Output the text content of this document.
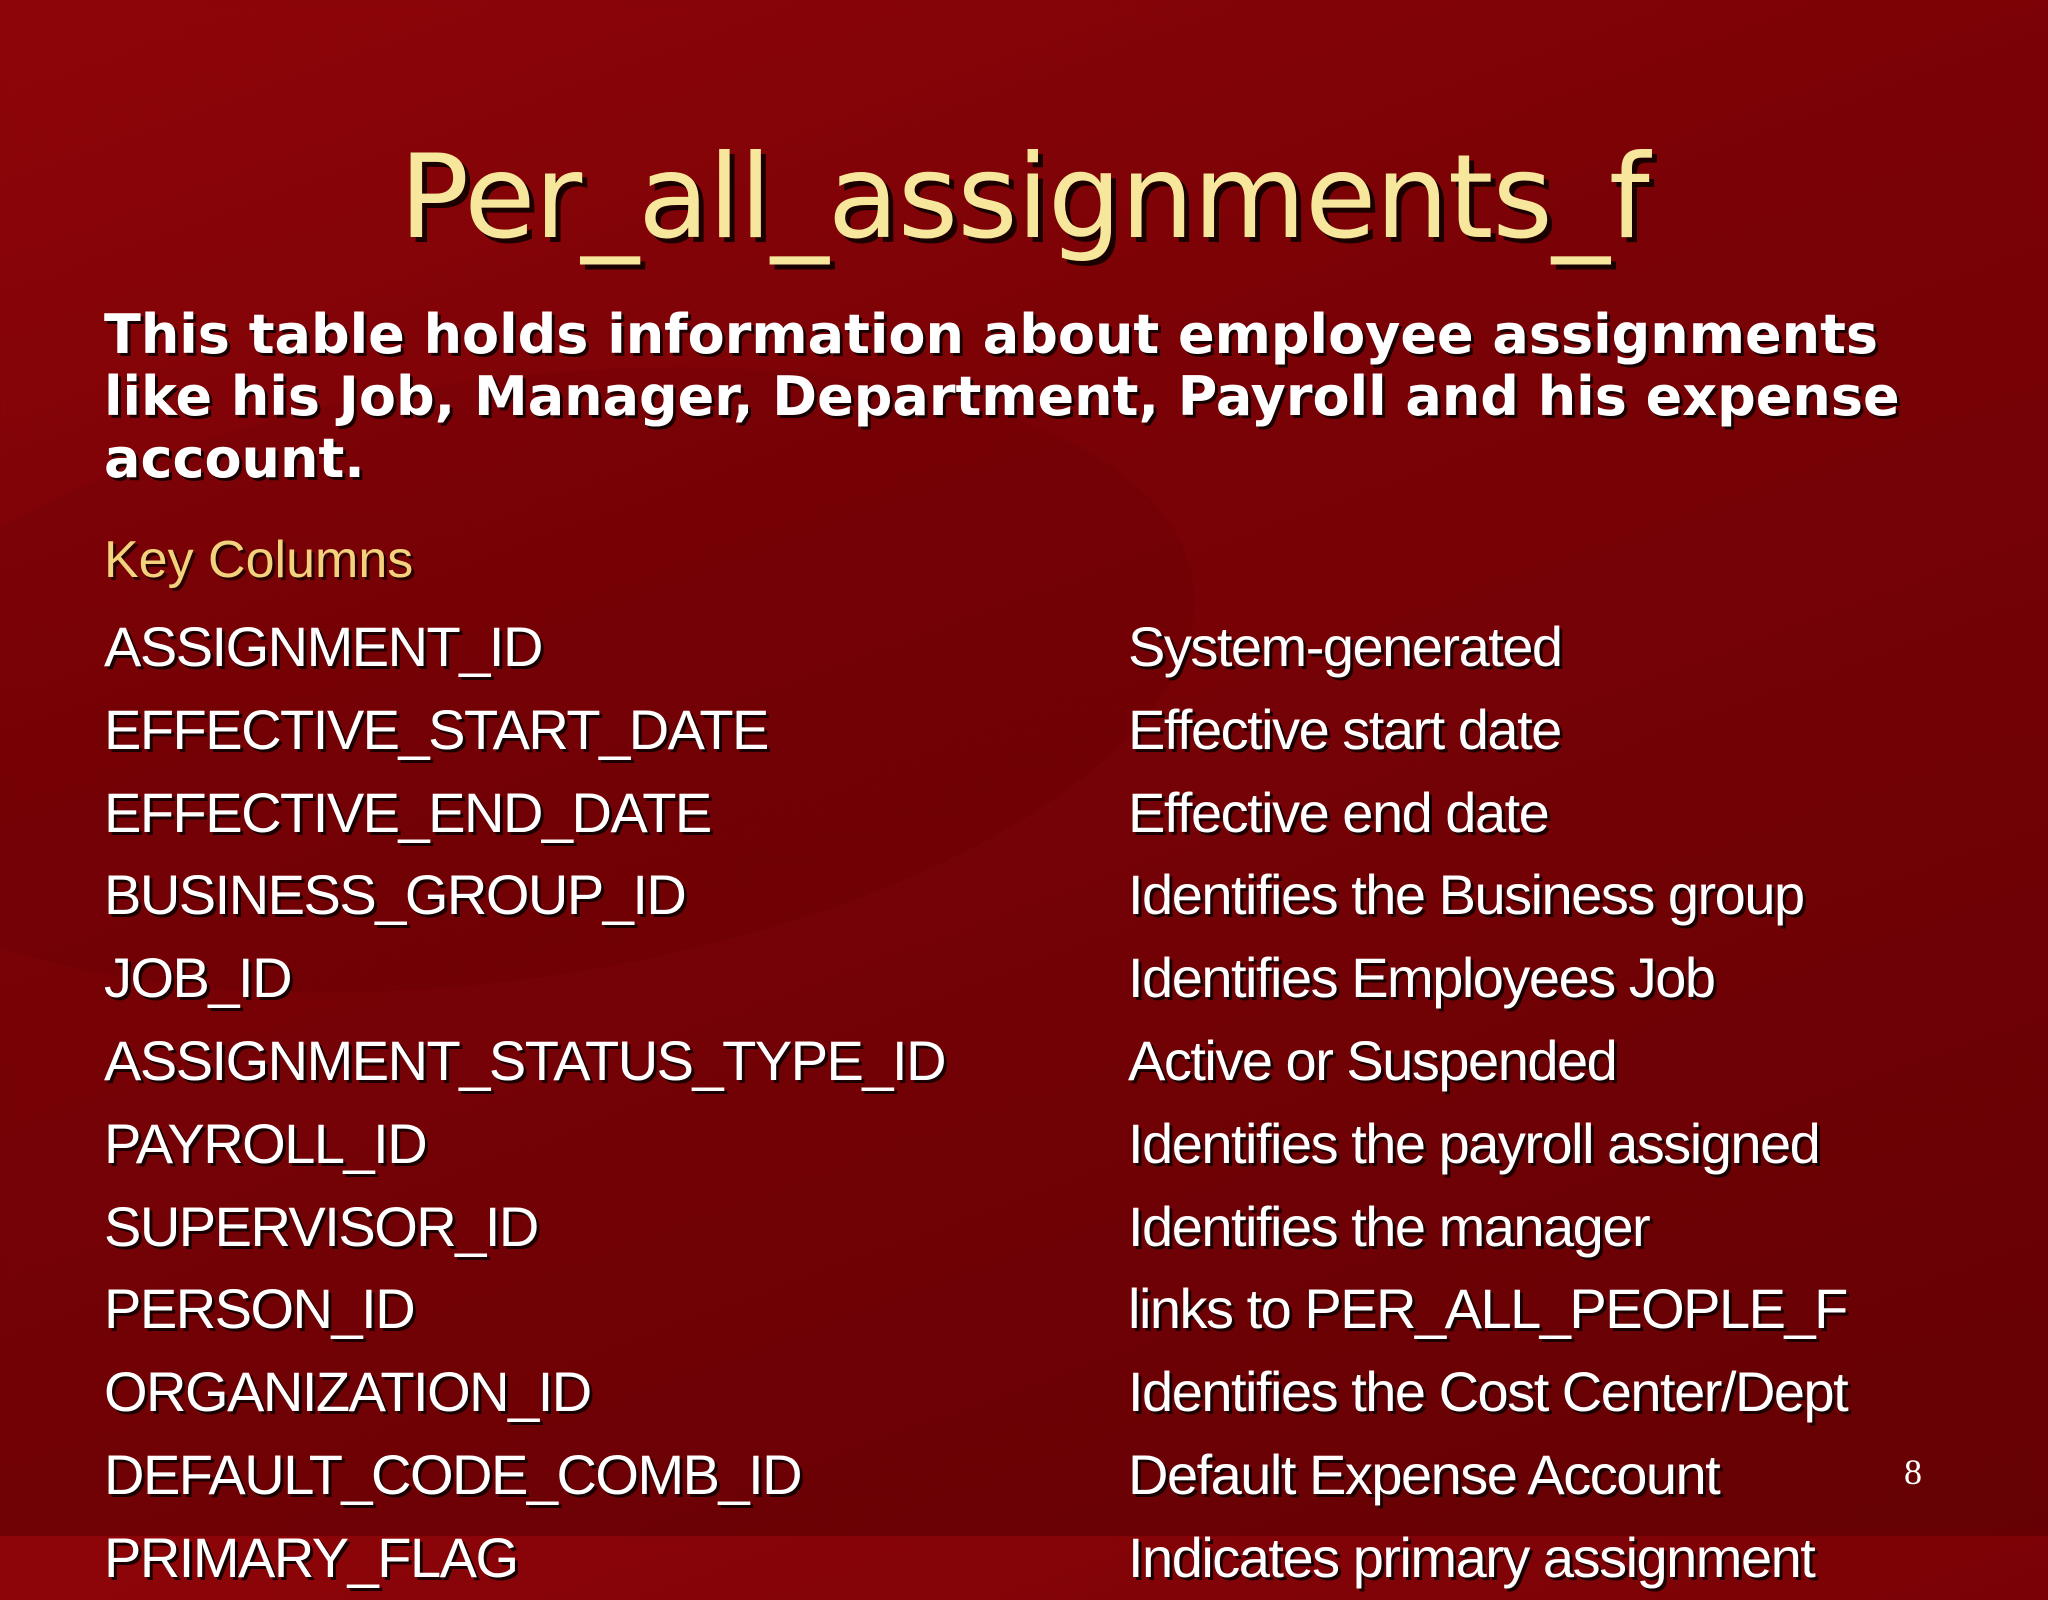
Per_all_assignments_f
This table holds information about employee assignments like his Job, Manager, Department, Payroll and his expense account.
Key Columns
ASSIGNMENT_ID	System-generated
EFFECTIVE_START_DATE	Effective start date
EFFECTIVE_END_DATE	Effective end date
BUSINESS_GROUP_ID	Identifies the Business group
JOB_ID	Identifies Employees Job
ASSIGNMENT_STATUS_TYPE_ID	Active or Suspended
PAYROLL_ID	Identifies the payroll assigned
SUPERVISOR_ID	Identifies the manager
PERSON_ID	links to PER_ALL_PEOPLE_F
ORGANIZATION_ID	Identifies the Cost Center/Dept
DEFAULT_CODE_COMB_ID	Default Expense Account
PRIMARY_FLAG	Indicates primary assignment
8
